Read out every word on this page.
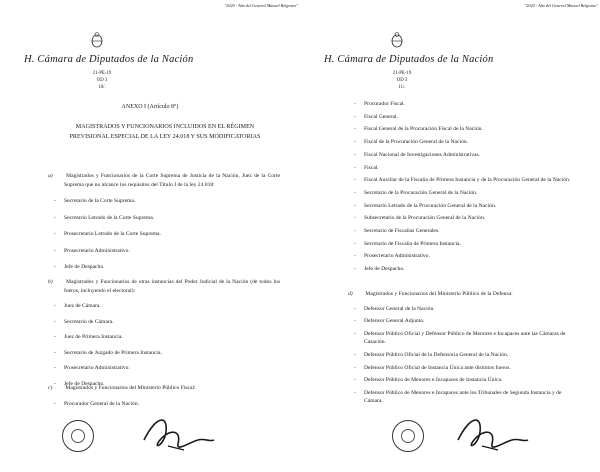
"2020 - Año del General Manuel Belgrano"
H. Cámara de Diputados de la Nación
21-PE-19
OD 3
10/.
ANEXO I (Artículo 8°)
MAGISTRADOS Y FUNCIONARIOS INCLUIDOS EN EL RÉGIMEN PREVISIONAL ESPECIAL DE LA LEY 24.018 Y SUS MODIFICATORIAS
a) Magistrados y Funcionarios de la Corte Suprema de Justicia de la Nación, Juez de la Corte Suprema que no alcance los requisitos del Título I de la ley 24.018:
- Secretario de la Corte Suprema.
- Secretario Letrado de la Corte Suprema.
- Prosecretario Letrado de la Corte Suprema.
- Prosecretario Administrativo.
- Jefe de Despacho.
b) Magistrados y Funcionarios de otras instancias del Poder Judicial de la Nación (de todos los fueros, incluyendo el electoral):
- Juez de Cámara.
- Secretario de Cámara.
- Juez de Primera Instancia.
- Secretario de Juzgado de Primera Instancia.
- Prosecretario Administrativo.
- Jefe de Despacho.
c) Magistrados y Funcionarios del Ministerio Público Fiscal:
- Procurador General de la Nación.
"2020 - Año del General Manuel Belgrano"
H. Cámara de Diputados de la Nación
21-PE-19
OD 3
11/.
- Procurador Fiscal.
- Fiscal General.
- Fiscal General de la Procuración Fiscal de la Nación.
- Fiscal de la Procuración General de la Nación.
- Fiscal Nacional de Investigaciones Administrativas.
- Fiscal.
- Fiscal Auxiliar de la Fiscalía de Primera Instancia y de la Procuración General de la Nación.
- Secretario de la Procuración General de la Nación.
- Secretario Letrado de la Procuración General de la Nación.
- Subsecretario de la Procuración General de la Nación.
- Secretario de Fiscalías Generales.
- Secretario de Fiscalía de Primera Instancia.
- Prosecretario Administrativo.
- Jefe de Despacho.
d) Magistrados y Funcionarios del Ministerio Público de la Defensa:
- Defensor General de la Nación.
- Defensor General Adjunto.
- Defensor Público Oficial y Defensor Público de Menores e Incapaces ante las Cámaras de Casación.
- Defensor Público Oficial de la Defensoría General de la Nación.
- Defensor Público Oficial de Instancia Única ante distintos fueros.
- Defensor Público de Menores e Incapaces de Instancia Única.
- Defensor Público de Menores e Incapaces ante los Tribunales de Segunda Instancia y de Cámara.
